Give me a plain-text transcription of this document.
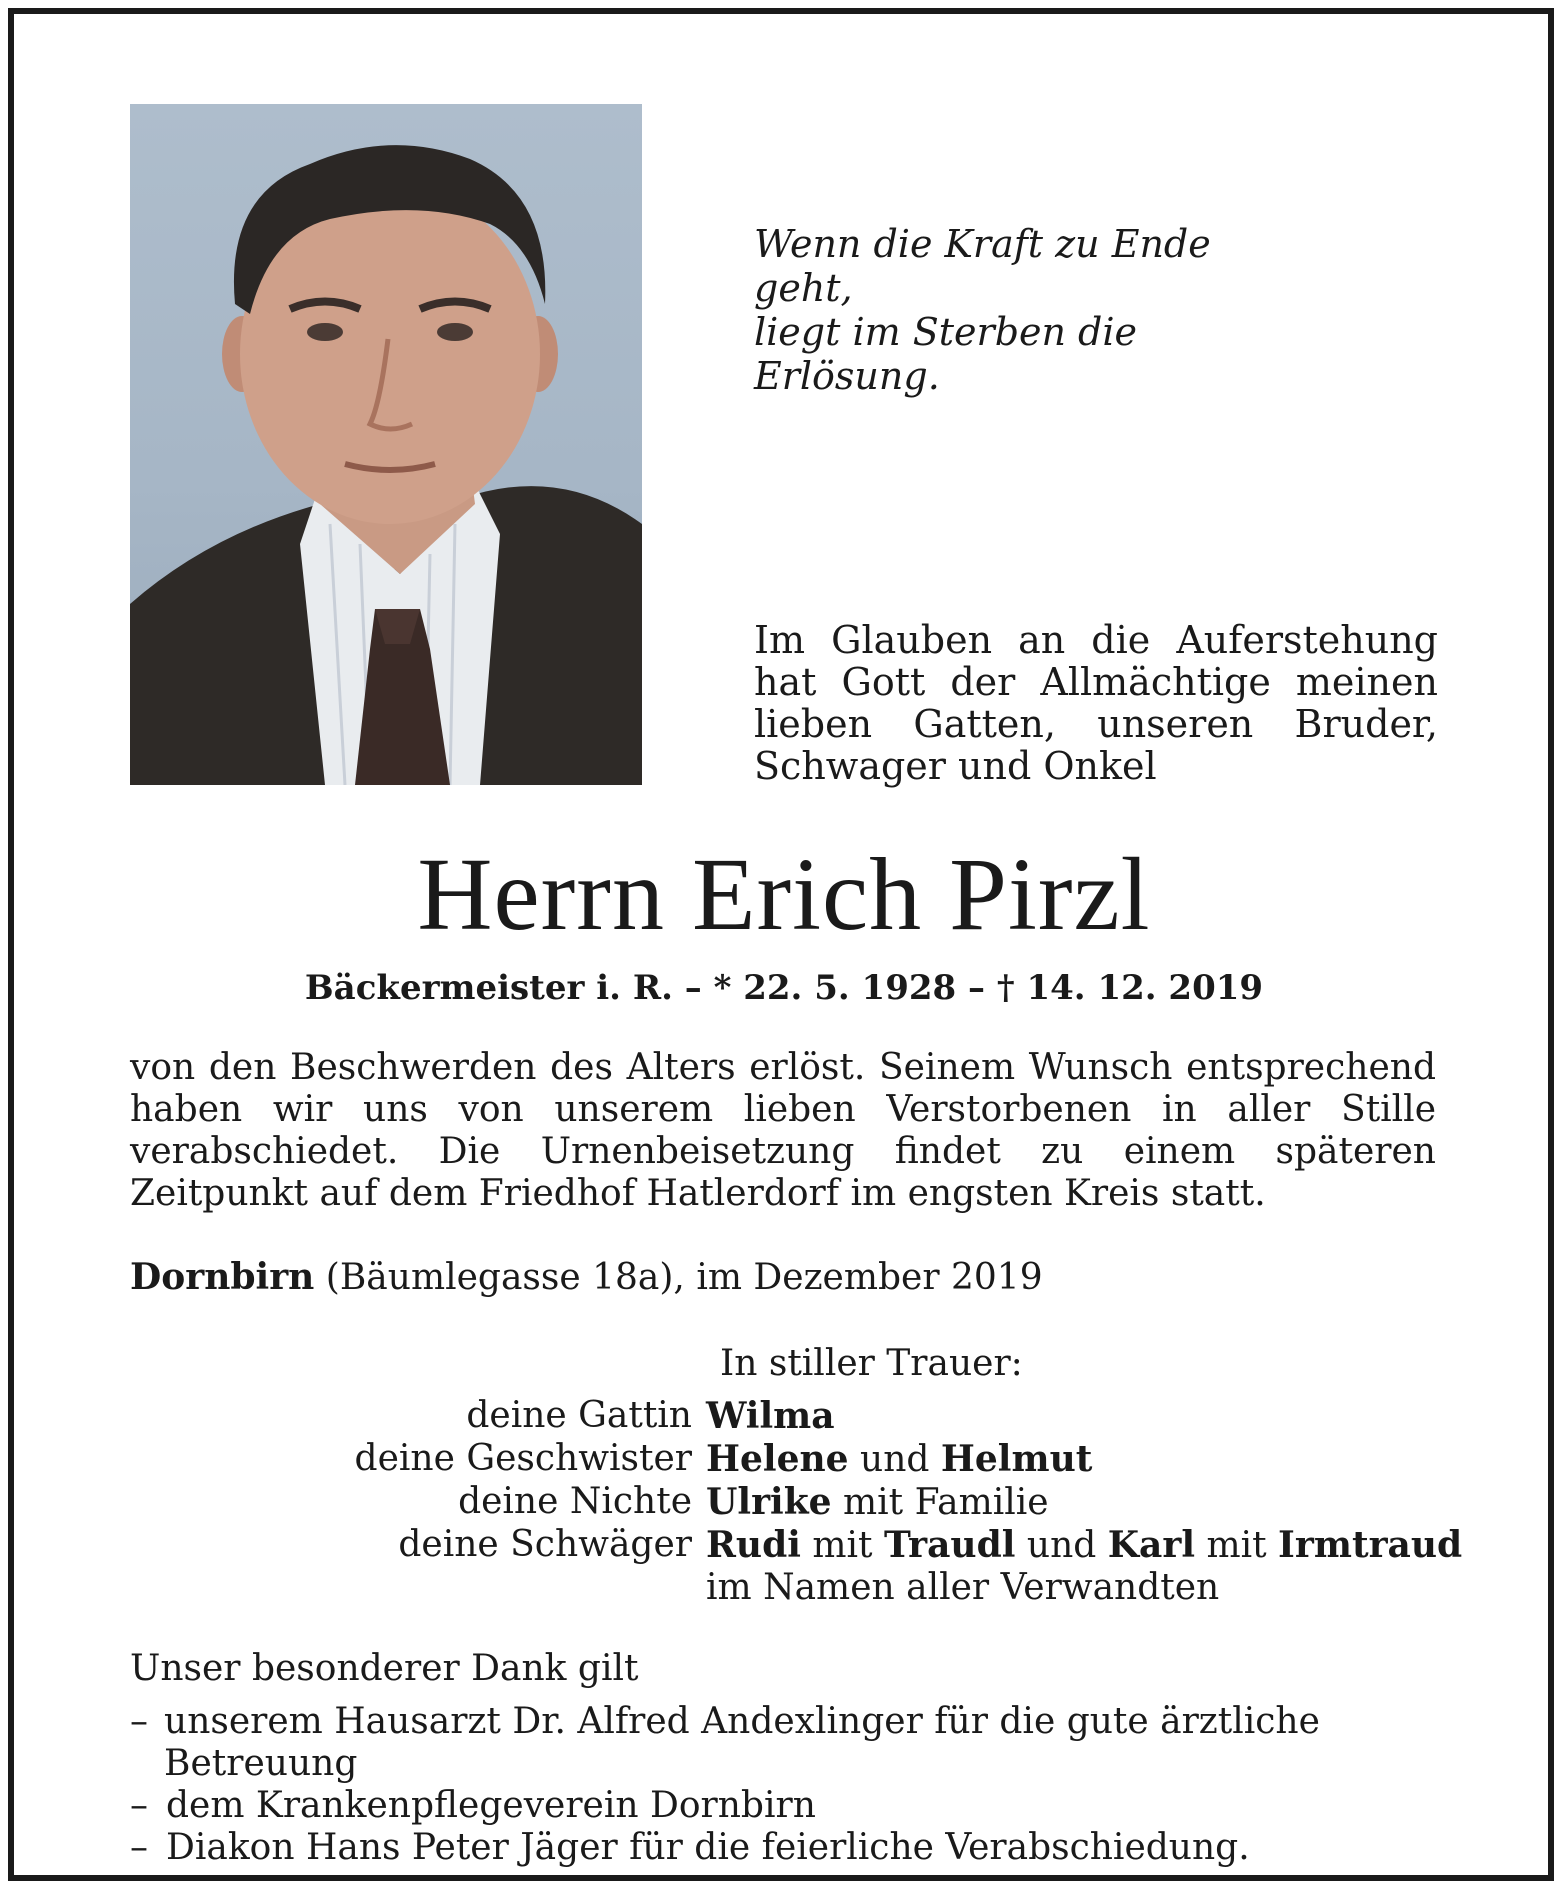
Wenn die Kraft zu Ende geht,
liegt im Sterben die Erlösung.
Im Glauben an die Auferstehung hat Gott der Allmächtige meinen lieben Gatten, unseren Bruder, Schwager und Onkel
Herrn Erich Pirzl
Bäckermeister i. R. – * 22. 5. 1928 – † 14. 12. 2019
von den Beschwerden des Alters erlöst. Seinem Wunsch entsprechend haben wir uns von unserem lieben Verstorbenen in aller Stille verabschiedet. Die Urnenbeisetzung findet zu einem späteren Zeitpunkt auf dem Friedhof Hatlerdorf im engsten Kreis statt.
Dornbirn (Bäumlegasse 18a), im Dezember 2019
In stiller Trauer:
deine Gattin Wilma
deine Geschwister Helene und Helmut
deine Nichte Ulrike mit Familie
deine Schwäger Rudi mit Traudl und Karl mit Irmtraud
im Namen aller Verwandten
Unser besonderer Dank gilt
– unserem Hausarzt Dr. Alfred Andexlinger für die gute ärztliche Betreuung
– dem Krankenpflegeverein Dornbirn
– Diakon Hans Peter Jäger für die feierliche Verabschiedung.
